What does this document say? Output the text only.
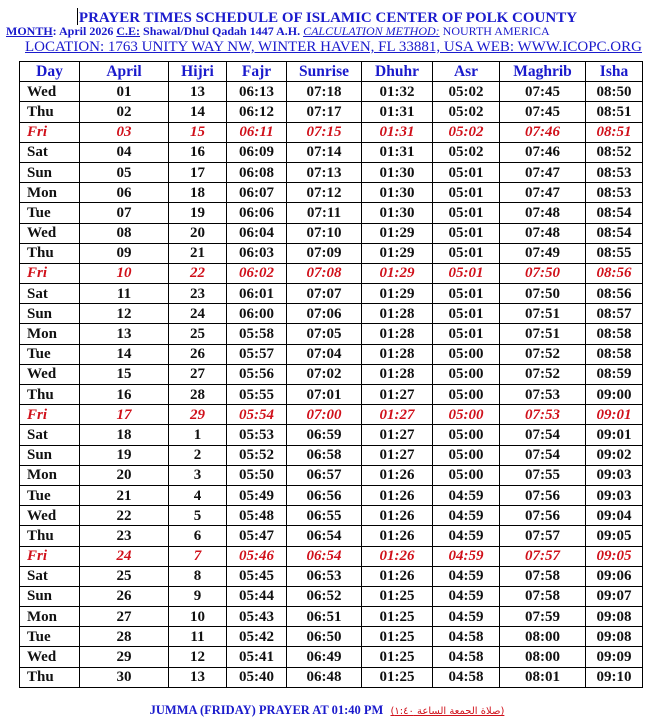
PRAYER TIMES SCHEDULE OF ISLAMIC CENTER OF POLK COUNTY
MONTH: April 2026 C.E: Shawal/Dhul Qadah 1447 A.H. CALCULATION METHOD: NOURTH AMERICA
LOCATION: 1763 UNITY WAY NW, WINTER HAVEN, FL 33881, USA WEB: WWW.ICOPC.ORG
Day	April	Hijri	Fajr	Sunrise	Dhuhr	Asr	Maghrib	Isha
Wed	01	13	06:13	07:18	01:32	05:02	07:45	08:50
Thu	02	14	06:12	07:17	01:31	05:02	07:45	08:51
Fri	03	15	06:11	07:15	01:31	05:02	07:46	08:51
Sat	04	16	06:09	07:14	01:31	05:02	07:46	08:52
Sun	05	17	06:08	07:13	01:30	05:01	07:47	08:53
Mon	06	18	06:07	07:12	01:30	05:01	07:47	08:53
Tue	07	19	06:06	07:11	01:30	05:01	07:48	08:54
Wed	08	20	06:04	07:10	01:29	05:01	07:48	08:54
Thu	09	21	06:03	07:09	01:29	05:01	07:49	08:55
Fri	10	22	06:02	07:08	01:29	05:01	07:50	08:56
Sat	11	23	06:01	07:07	01:29	05:01	07:50	08:56
Sun	12	24	06:00	07:06	01:28	05:01	07:51	08:57
Mon	13	25	05:58	07:05	01:28	05:01	07:51	08:58
Tue	14	26	05:57	07:04	01:28	05:00	07:52	08:58
Wed	15	27	05:56	07:02	01:28	05:00	07:52	08:59
Thu	16	28	05:55	07:01	01:27	05:00	07:53	09:00
Fri	17	29	05:54	07:00	01:27	05:00	07:53	09:01
Sat	18	1	05:53	06:59	01:27	05:00	07:54	09:01
Sun	19	2	05:52	06:58	01:27	05:00	07:54	09:02
Mon	20	3	05:50	06:57	01:26	05:00	07:55	09:03
Tue	21	4	05:49	06:56	01:26	04:59	07:56	09:03
Wed	22	5	05:48	06:55	01:26	04:59	07:56	09:04
Thu	23	6	05:47	06:54	01:26	04:59	07:57	09:05
Fri	24	7	05:46	06:54	01:26	04:59	07:57	09:05
Sat	25	8	05:45	06:53	01:26	04:59	07:58	09:06
Sun	26	9	05:44	06:52	01:25	04:59	07:58	09:07
Mon	27	10	05:43	06:51	01:25	04:59	07:59	09:08
Tue	28	11	05:42	06:50	01:25	04:58	08:00	09:08
Wed	29	12	05:41	06:49	01:25	04:58	08:00	09:09
Thu	30	13	05:40	06:48	01:25	04:58	08:01	09:10
JUMMA (FRIDAY) PRAYER AT 01:40 PM (صلاة الجمعة الساعة ١:٤٠)
